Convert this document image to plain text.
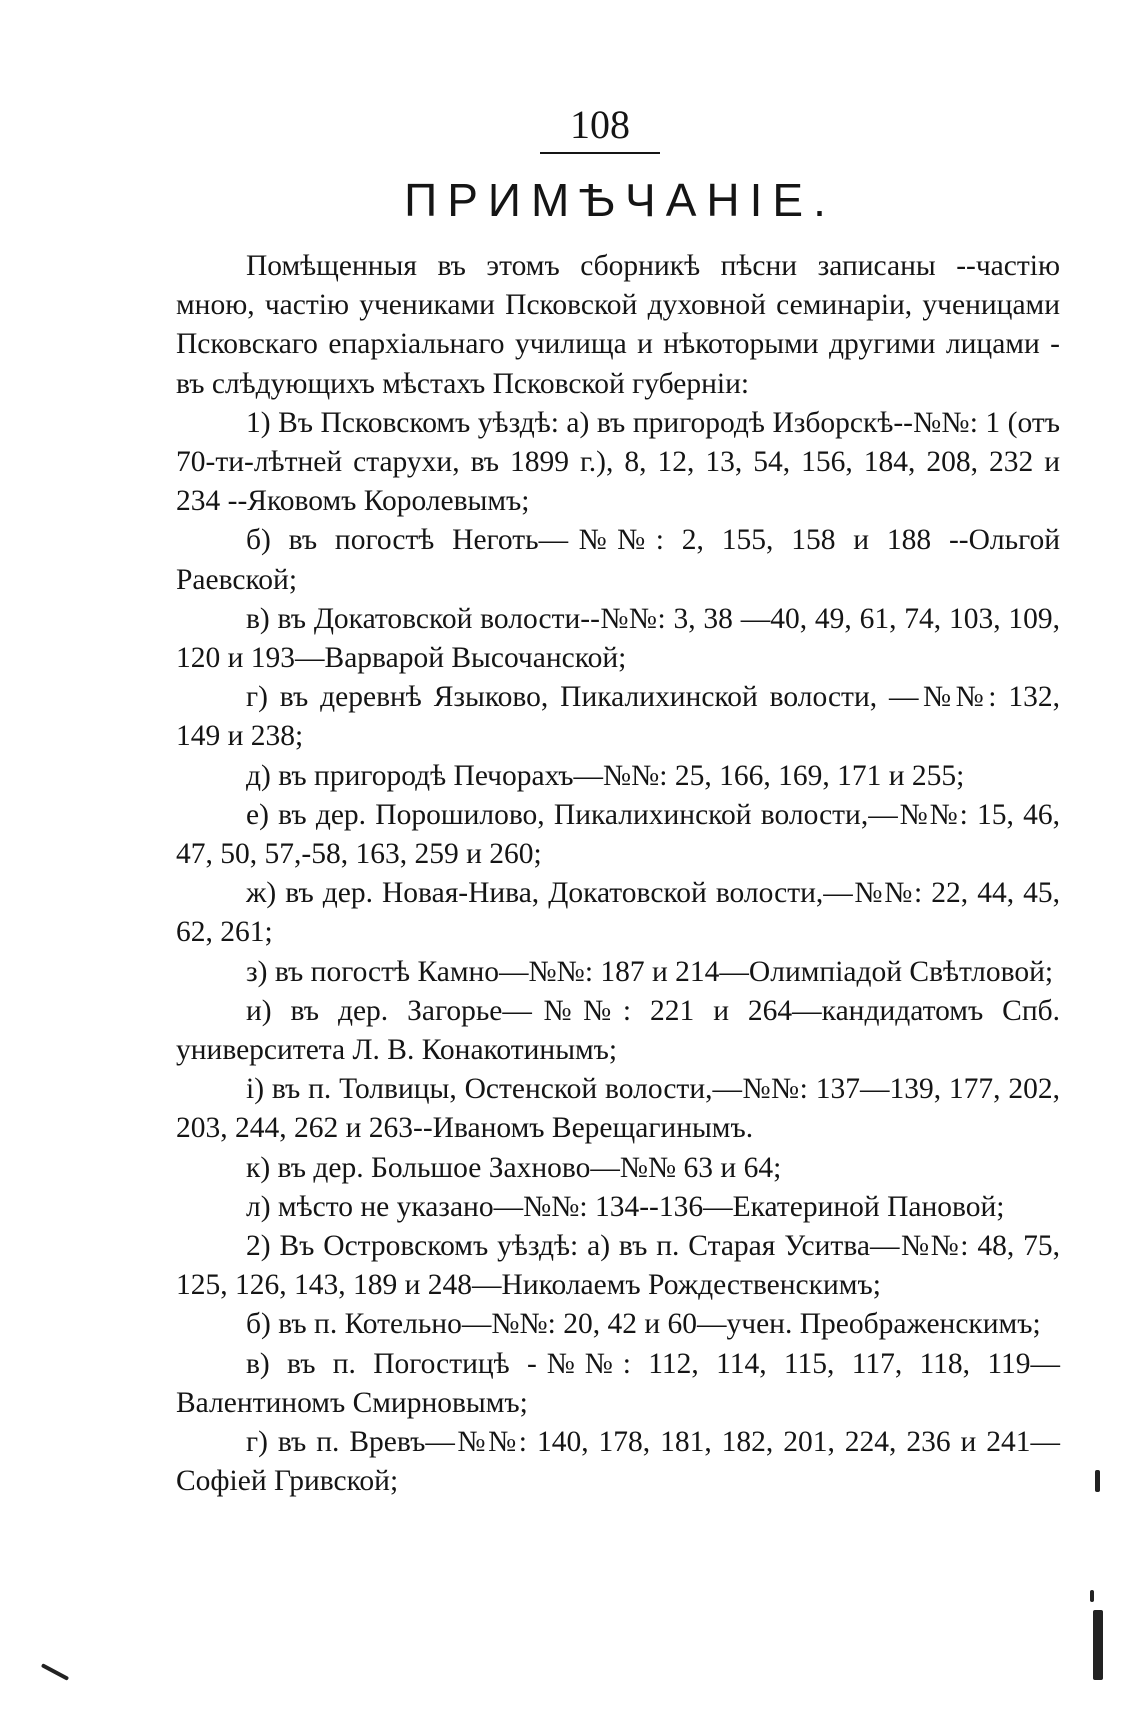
108
ПРИМѢЧАНІЕ.

Помѣщенныя въ этомъ сборникѣ пѣсни записаны --частію мною, частію учениками Псковской духовной семинаріи, ученицами Псковскаго епархіальнаго училища и нѣкоторыми другими лицами - въ слѣдующихъ мѣстахъ Псковской губерніи:

1) Въ Псковскомъ уѣздѣ: а) въ пригородѣ Изборскѣ--№№: 1 (отъ 70-ти-лѣтней старухи, въ 1899 г.), 8, 12, 13, 54, 156, 184, 208, 232 и 234 --Яковомъ Королевымъ;

б) въ погостѣ Неготь—№№: 2, 155, 158 и 188 --Ольгой Раевской;

в) въ Докатовской волости--№№: 3, 38 —40, 49, 61, 74, 103, 109, 120 и 193—Варварой Высочанской;

г) въ деревнѣ Языково, Пикалихинской волости, —№№: 132, 149 и 238;

д) въ пригородѣ Печорахъ—№№: 25, 166, 169, 171 и 255;

е) въ дер. Порошилово, Пикалихинской волости,—№№: 15, 46, 47, 50, 57,-58, 163, 259 и 260;

ж) въ дер. Новая-Нива, Докатовской волости,—№№: 22, 44, 45, 62, 261;

з) въ погостѣ Камно—№№: 187 и 214—Олимпіадой Свѣтловой;

и) въ дер. Загорье—№№: 221 и 264—кандидатомъ Спб. университета Л. В. Конакотинымъ;

і) въ п. Толвицы, Остенской волости,—№№: 137—139, 177, 202, 203, 244, 262 и 263--Иваномъ Верещагинымъ.

к) въ дер. Большое Захново—№№ 63 и 64;

л) мѣсто не указано—№№: 134--136—Екатериной Пановой;

2) Въ Островскомъ уѣздѣ: а) въ п. Старая Уситва—№№: 48, 75, 125, 126, 143, 189 и 248—Николаемъ Рождественскимъ;

б) въ п. Котельно—№№: 20, 42 и 60—учен. Преображенскимъ;

в) въ п. Погостицѣ -№№: 112, 114, 115, 117, 118, 119—Валентиномъ Смирновымъ;

г) въ п. Вревъ—№№: 140, 178, 181, 182, 201, 224, 236 и 241—Софіей Гривской;
